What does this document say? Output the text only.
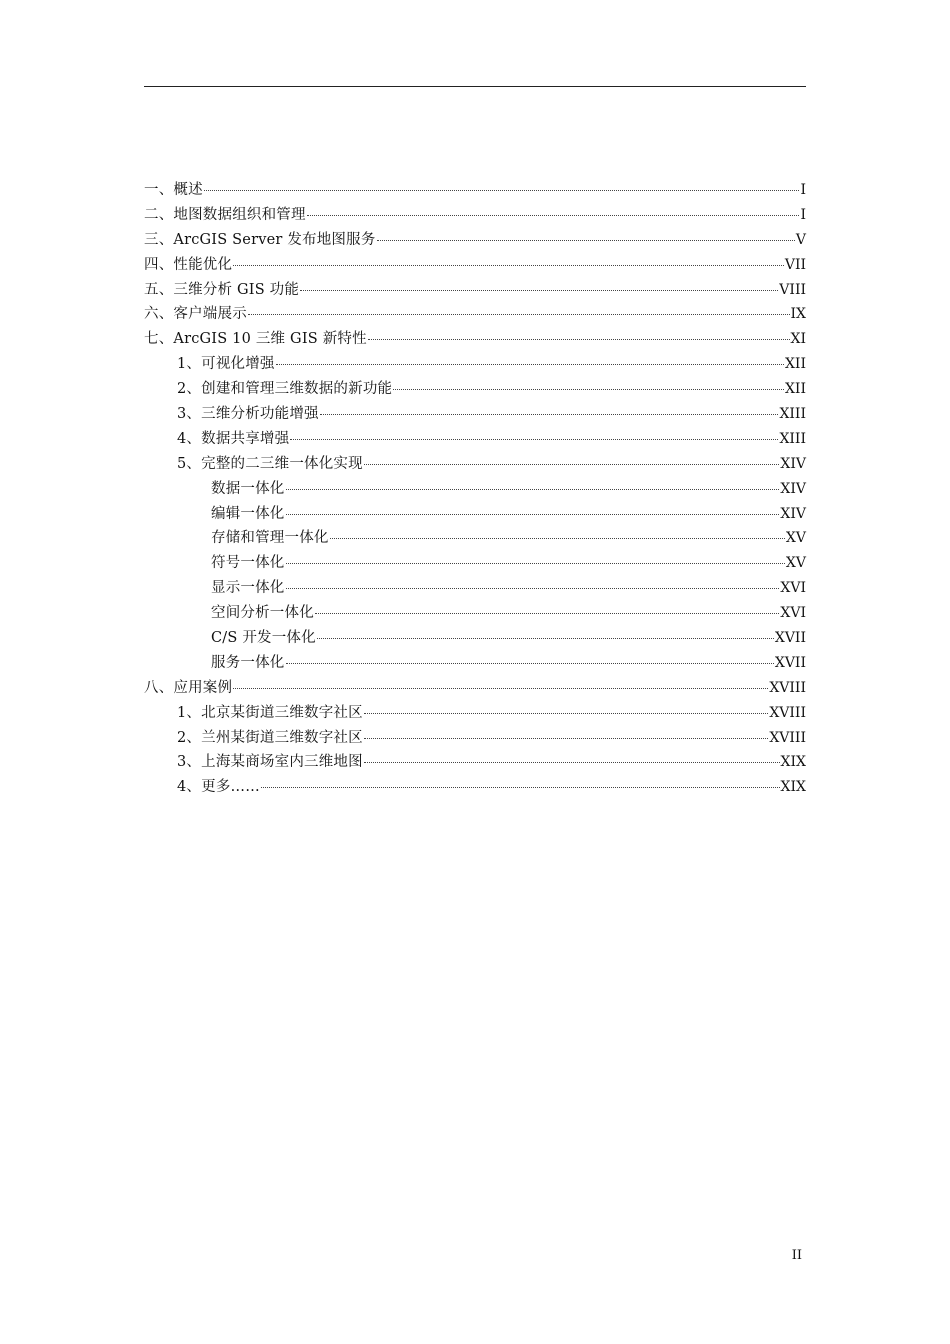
一、概述	I
二、地图数据组织和管理	I
三、ArcGIS Server 发布地图服务	V
四、性能优化	VII
五、三维分析 GIS 功能	VIII
六、客户端展示	IX
七、ArcGIS 10 三维 GIS 新特性	XI
1、可视化增强	XII
2、创建和管理三维数据的新功能	XII
3、三维分析功能增强	XIII
4、数据共享增强	XIII
5、完整的二三维一体化实现	XIV
数据一体化	XIV
编辑一体化	XIV
存储和管理一体化	XV
符号一体化	XV
显示一体化	XVI
空间分析一体化	XVI
C/S 开发一体化	XVII
服务一体化	XVII
八、应用案例	XVIII
1、北京某街道三维数字社区	XVIII
2、兰州某街道三维数字社区	XVIII
3、上海某商场室内三维地图	XIX
4、更多……	XIX
II
